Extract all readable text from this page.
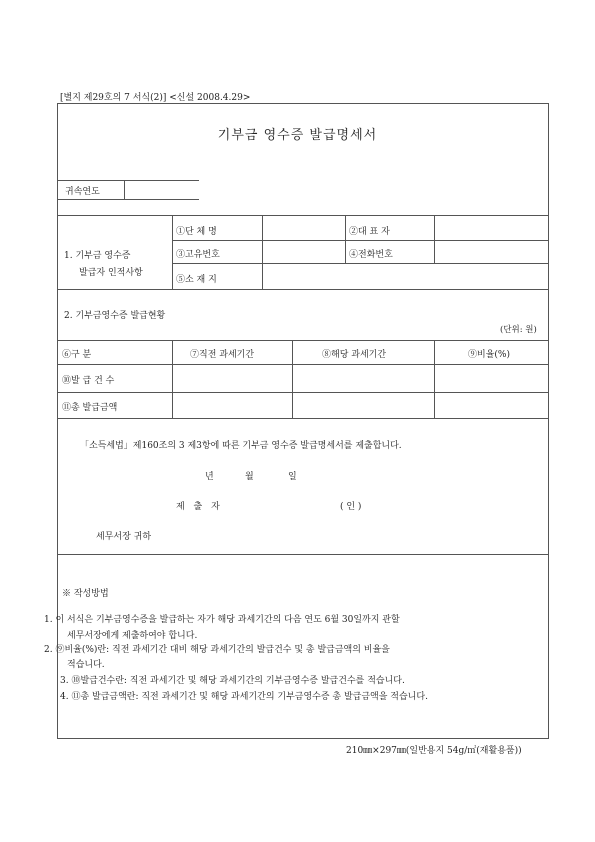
[별지 제29호의 7 서식(2)] <신설 2008.4.29>
기부금 영수증 발급명세서
귀속연도
1. 기부금 영수증
발급자 인적사항
①단 체 명	②대 표 자
③고유번호	④전화번호
⑤소 재 지
2. 기부금영수증 발급현황
(단위: 원)
⑥구 분	⑦직전 과세기간	⑧해당 과세기간	⑨비율(%)
⑩발 급 건 수
⑪총 발급금액
「소득세법」제160조의 3 제3항에 따른 기부금 영수증 발급명세서를 제출합니다.
년	월	일
제 출 자	( 인 )
세무서장 귀하
※ 작성방법
1. 이 서식은 기부금영수증을 발급하는 자가 해당 과세기간의 다음 연도 6월 30일까지 관할
세무서장에게 제출하여야 합니다.
2. ⑨비율(%)란: 직전 과세기간 대비 해당 과세기간의 발급건수 및 총 발급금액의 비율을
적습니다.
3. ⑩발급건수란: 직전 과세기간 및 해당 과세기간의 기부금영수증 발급건수를 적습니다.
4. ⑪총 발급금액란: 직전 과세기간 및 해당 과세기간의 기부금영수증 총 발급금액을 적습니다.
210㎜×297㎜(일반용지 54g/㎡(재활용품))
